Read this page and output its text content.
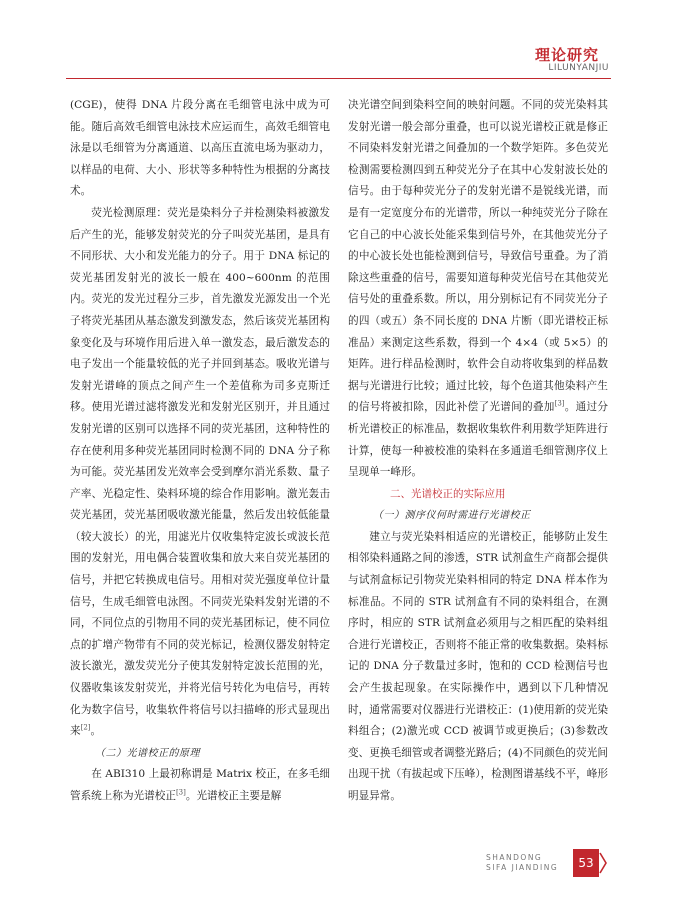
理论研究
LILUNYANJIU

(CGE)，使得 DNA 片段分离在毛细管电泳中成为可能。随后高效毛细管电泳技术应运而生，高效毛细管电泳是以毛细管为分离通道、以高压直流电场为驱动力，以样品的电荷、大小、形状等多种特性为根据的分离技术。

荧光检测原理：荧光是染料分子并检测染料被激发后产生的光，能够发射荧光的分子叫荧光基团，是具有不同形状、大小和发光能力的分子。用于 DNA 标记的荧光基团发射光的波长一般在 400~600nm 的范围内。荧光的发光过程分三步，首先激发光源发出一个光子将荧光基团从基态激发到激发态，然后该荧光基团构象变化及与环境作用后进入单一激发态，最后激发态的电子发出一个能量较低的光子并回到基态。吸收光谱与发射光谱峰的顶点之间产生一个差值称为司多克斯迁移。使用光谱过滤将激发光和发射光区别开，并且通过发射光谱的区别可以选择不同的荧光基团，这种特性的存在使利用多种荧光基团同时检测不同的 DNA 分子称为可能。荧光基团发光效率会受到摩尔消光系数、量子产率、光稳定性、染料环境的综合作用影响。激光轰击荧光基团，荧光基团吸收激光能量，然后发出较低能量（较大波长）的光，用滤光片仅收集特定波长或波长范围的发射光，用电偶合装置收集和放大来自荧光基团的信号，并把它转换成电信号。用相对荧光强度单位计量信号，生成毛细管电泳图。不同荧光染料发射光谱的不同，不同位点的引物用不同的荧光基团标记，使不同位点的扩增产物带有不同的荧光标记，检测仪器发射特定波长激光，激发荧光分子使其发射特定波长范围的光，仪器收集该发射荧光，并将光信号转化为电信号，再转化为数字信号，收集软件将信号以扫描峰的形式显现出来[2]。

（二）光谱校正的原理

在 ABI310 上最初称谓是 Matrix 校正，在多毛细管系统上称为光谱校正[3]。光谱校正主要是解

决光谱空间到染料空间的映射问题。不同的荧光染料其发射光谱一般会部分重叠，也可以说光谱校正就是修正不同染料发射光谱之间叠加的一个数学矩阵。多色荧光检测需要检测四到五种荧光分子在其中心发射波长处的信号。由于每种荧光分子的发射光谱不是锐线光谱，而是有一定宽度分布的光谱带，所以一种纯荧光分子除在它自己的中心波长处能采集到信号外，在其他荧光分子的中心波长处也能检测到信号，导致信号重叠。为了消除这些重叠的信号，需要知道每种荧光信号在其他荧光信号处的重叠系数。所以，用分别标记有不同荧光分子的四（或五）条不同长度的 DNA 片断（即光谱校正标准品）来测定这些系数，得到一个 4×4（或 5×5）的矩阵。进行样品检测时，软件会自动将收集到的样品数据与光谱进行比较；通过比较，每个色道其他染料产生的信号将被扣除，因此补偿了光谱间的叠加[3]。通过分析光谱校正的标准品，数据收集软件利用数学矩阵进行计算，使每一种被校准的染料在多通道毛细管测序仪上呈现单一峰形。

二、光谱校正的实际应用

（一）测序仪何时需进行光谱校正

建立与荧光染料相适应的光谱校正，能够防止发生相邻染料通路之间的渗透，STR 试剂盒生产商都会提供与试剂盒标记引物荧光染料相同的特定 DNA 样本作为标准品。不同的 STR 试剂盒有不同的染料组合，在测序时，相应的 STR 试剂盒必须用与之相匹配的染料组合进行光谱校正，否则将不能正常的收集数据。染料标记的 DNA 分子数量过多时，饱和的 CCD 检测信号也会产生拔起现象。在实际操作中，遇到以下几种情况时，通常需要对仪器进行光谱校正：(1)使用新的荧光染料组合；(2)激光或 CCD 被调节或更换后；(3)参数改变、更换毛细管或者调整光路后；(4)不同颜色的荧光间出现干扰（有拔起或下压峰），检测图谱基线不平，峰形明显异常。

SHANDONG
SIFA JIANDING	53
